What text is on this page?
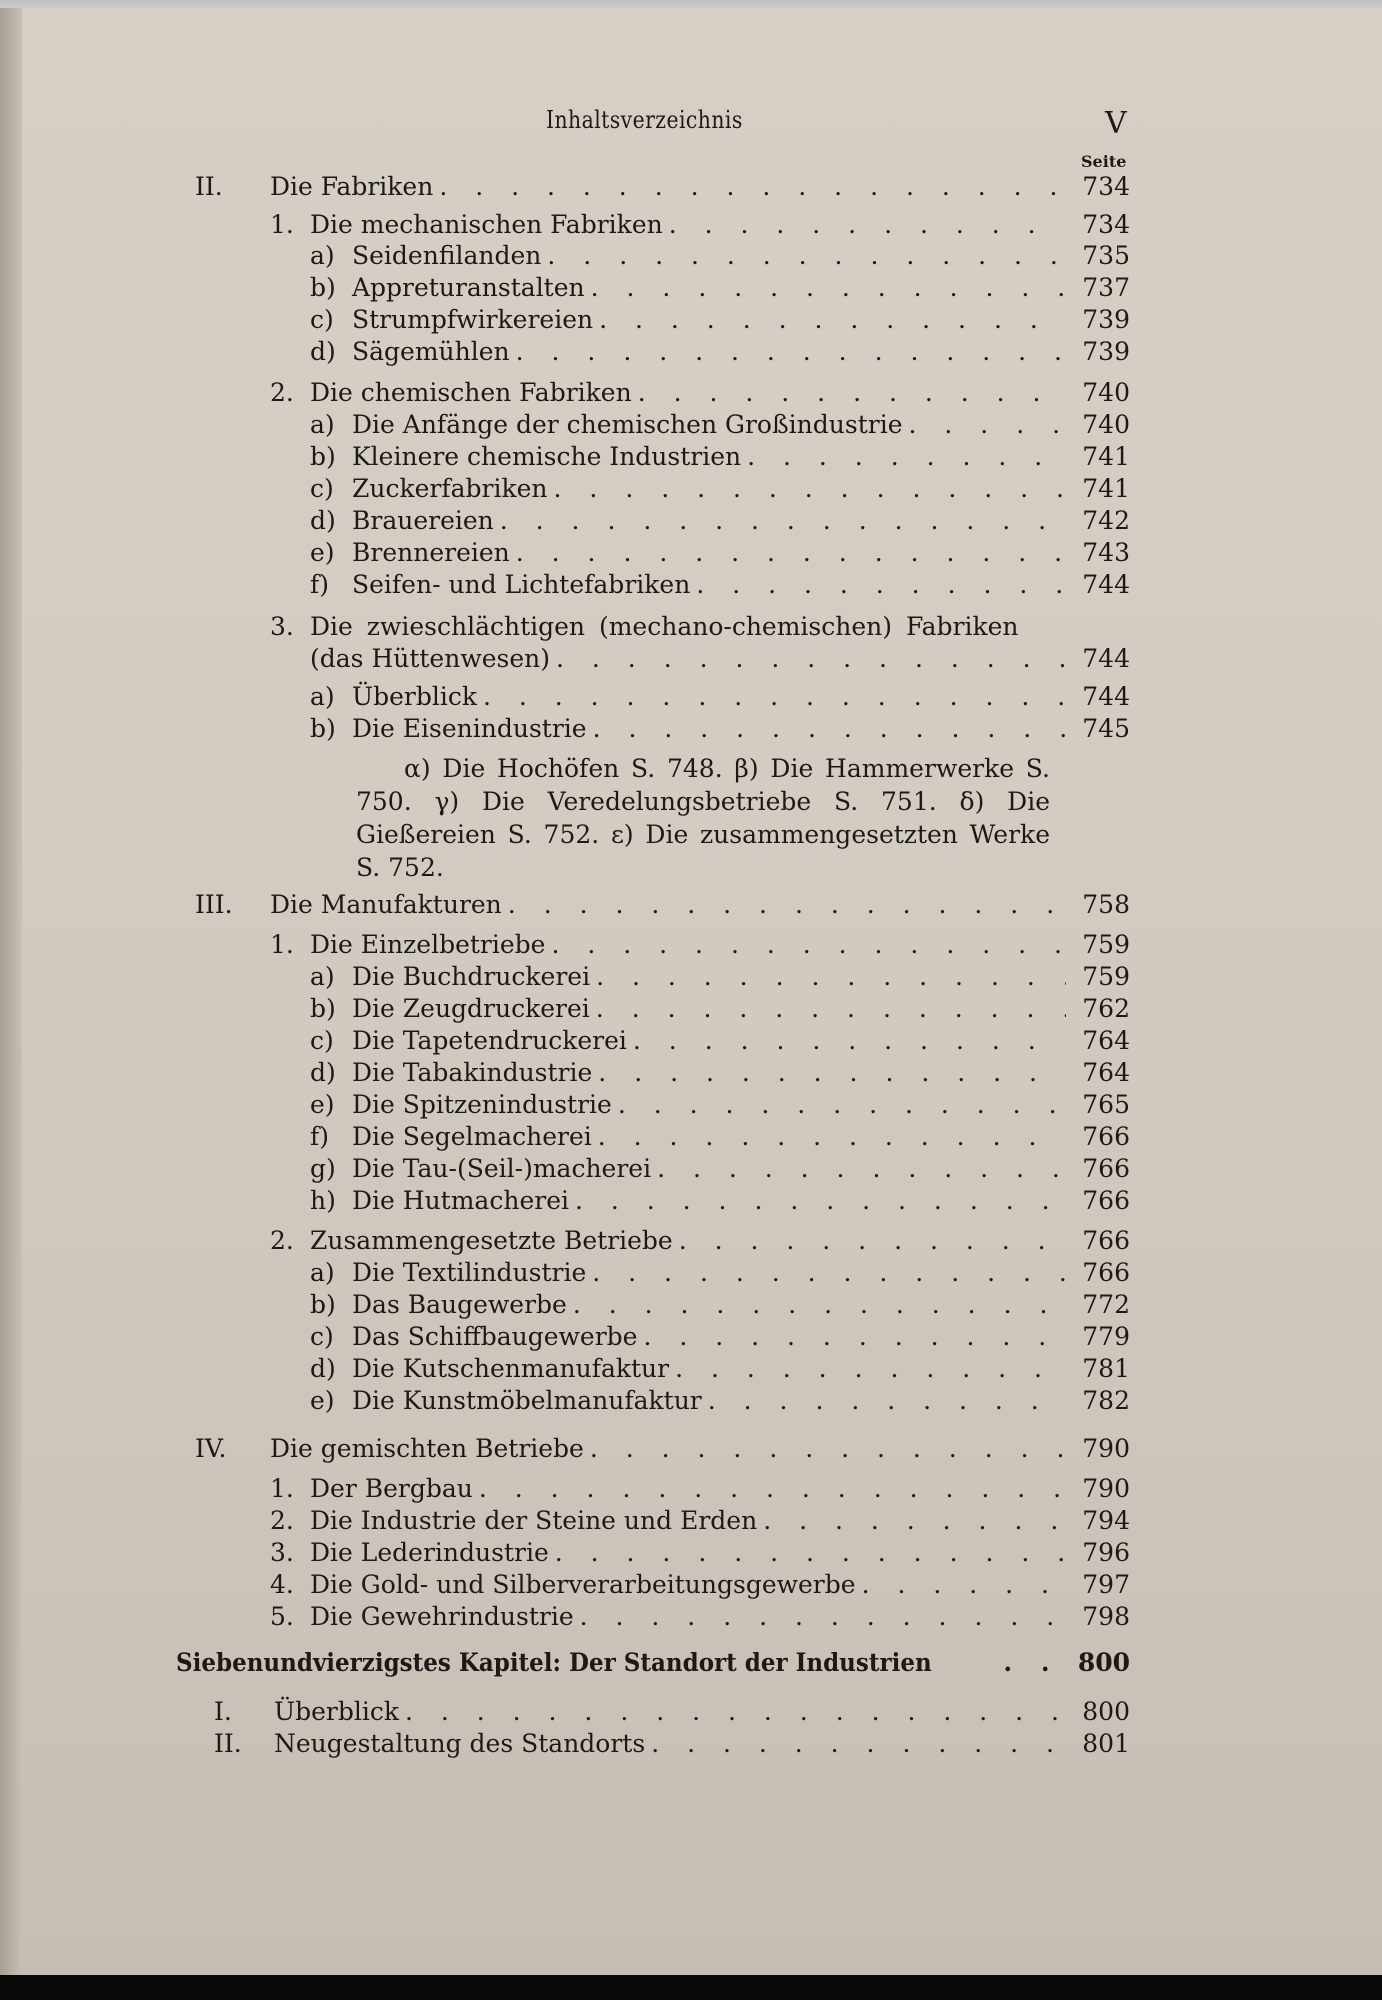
Inhaltsverzeichnis	V
Seite
II.	Die Fabriken . . .	734
1. Die mechanischen Fabriken . . .	734
a) Seidenfilanden . . .	735
b) Appreturanstalten . . .	737
c) Strumpfwirkereien . . .	739
d) Sägemühlen . . .	739
2. Die chemischen Fabriken . . .	740
a) Die Anfänge der chemischen Großindustrie . . .	740
b) Kleinere chemische Industrien . . .	741
c) Zuckerfabriken . . .	741
d) Brauereien . . .	742
e) Brennereien . . .	743
f) Seifen- und Lichtefabriken . . .	744
3. Die zwieschlächtigen (mechano-chemischen) Fabriken
(das Hüttenwesen) . . .	744
a) Überblick . . .	744
b) Die Eisenindustrie . . .	745
α) Die Hochöfen S. 748. β) Die Hammerwerke S. 750. γ) Die Veredelungsbetriebe S. 751. δ) Die Gießereien S. 752. ε) Die zusammengesetzten Werke S. 752.
III.	Die Manufakturen . . .	758
1. Die Einzelbetriebe . . .	759
a) Die Buchdruckerei . . .	759
b) Die Zeugdruckerei . . .	762
c) Die Tapetendruckerei . . .	764
d) Die Tabakindustrie . . .	764
e) Die Spitzenindustrie . . .	765
f) Die Segelmacherei . . .	766
g) Die Tau-(Seil-)macherei . . .	766
h) Die Hutmacherei . . .	766
2. Zusammengesetzte Betriebe . . .	766
a) Die Textilindustrie . . .	766
b) Das Baugewerbe . . .	772
c) Das Schiffbaugewerbe . . .	779
d) Die Kutschenmanufaktur . . .	781
e) Die Kunstmöbelmanufaktur . . .	782
IV.	Die gemischten Betriebe . . .	790
1. Der Bergbau . . .	790
2. Die Industrie der Steine und Erden . . .	794
3. Die Lederindustrie . . .	796
4. Die Gold- und Silberverarbeitungsgewerbe . . .	797
5. Die Gewehrindustrie . . .	798
Siebenundvierzigstes Kapitel: Der Standort der Industrien . . .	800
I.	Überblick . . .	800
II.	Neugestaltung des Standorts . . .	801
